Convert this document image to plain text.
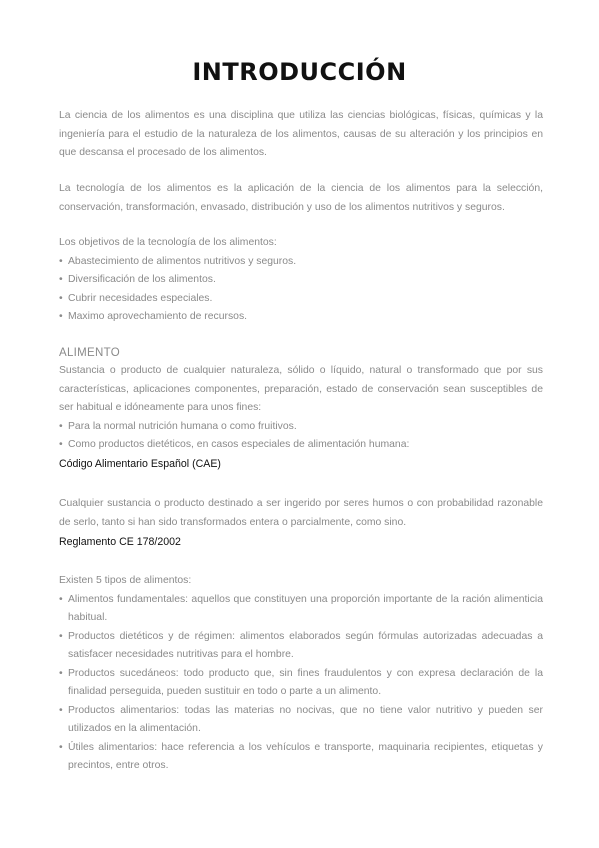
INTRODUCCIÓN

La ciencia de los alimentos es una disciplina que utiliza las ciencias biológicas, físicas, químicas y la ingeniería para el estudio de la naturaleza de los alimentos, causas de su alteración y los principios en que descansa el procesado de los alimentos.

La tecnología de los alimentos es la aplicación de la ciencia de los alimentos para la selección, conservación, transformación, envasado, distribución y uso de los alimentos nutritivos y seguros.

Los objetivos de la tecnología de los alimentos:

• Abastecimiento de alimentos nutritivos y seguros.
• Diversificación de los alimentos.
• Cubrir necesidades especiales.
• Maximo aprovechamiento de recursos.

ALIMENTO

Sustancia o producto de cualquier naturaleza, sólido o líquido, natural o transformado que por sus características, aplicaciones componentes, preparación, estado de conservación sean susceptibles de ser habitual e idóneamente para unos fines:

• Para la normal nutrición humana o como fruitivos.
• Como productos dietéticos, en casos especiales de alimentación humana:

Código Alimentario Español (CAE)

Cualquier sustancia o producto destinado a ser ingerido por seres humos o con probabilidad razonable de serlo, tanto si han sido transformados entera o parcialmente, como sino.

Reglamento CE 178/2002

Existen 5 tipos de alimentos:

• Alimentos fundamentales: aquellos que constituyen una proporción importante de la ración alimenticia habitual.
• Productos dietéticos y de régimen: alimentos elaborados según fórmulas autorizadas adecuadas a satisfacer necesidades nutritivas para el hombre.
• Productos sucedáneos: todo producto que, sin fines fraudulentos y con expresa declaración de la finalidad perseguida, pueden sustituir en todo o parte a un alimento.
• Productos alimentarios: todas las materias no nocivas, que no tiene valor nutritivo y pueden ser utilizados en la alimentación.
• Útiles alimentarios: hace referencia a los vehículos e transporte, maquinaria recipientes, etiquetas y precintos, entre otros.
